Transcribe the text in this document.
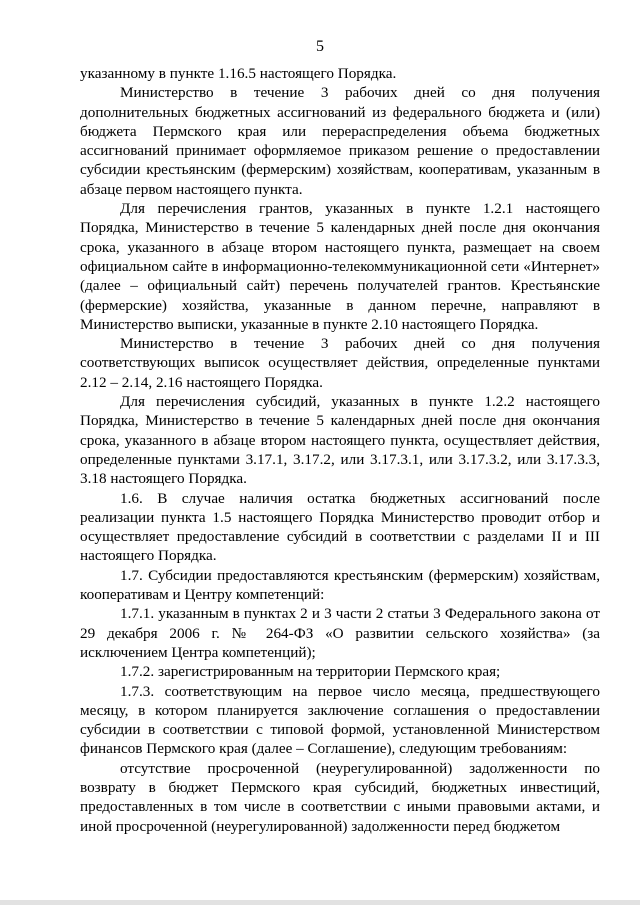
5

указанному в пункте 1.16.5 настоящего Порядка.

Министерство в течение 3 рабочих дней со дня получения дополнительных бюджетных ассигнований из федерального бюджета и (или) бюджета Пермского края или перераспределения объема бюджетных ассигнований принимает оформляемое приказом решение о предоставлении субсидии крестьянским (фермерским) хозяйствам, кооперативам, указанным в абзаце первом настоящего пункта.

Для перечисления грантов, указанных в пункте 1.2.1 настоящего Порядка, Министерство в течение 5 календарных дней после дня окончания срока, указанного в абзаце втором настоящего пункта, размещает на своем официальном сайте в информационно-телекоммуникационной сети «Интернет» (далее – официальный сайт) перечень получателей грантов. Крестьянские (фермерские) хозяйства, указанные в данном перечне, направляют в Министерство выписки, указанные в пункте 2.10 настоящего Порядка.

Министерство в течение 3 рабочих дней со дня получения соответствующих выписок осуществляет действия, определенные пунктами 2.12 – 2.14, 2.16 настоящего Порядка.

Для перечисления субсидий, указанных в пункте 1.2.2 настоящего Порядка, Министерство в течение 5 календарных дней после дня окончания срока, указанного в абзаце втором настоящего пункта, осуществляет действия, определенные пунктами 3.17.1, 3.17.2, или 3.17.3.1, или 3.17.3.2, или 3.17.3.3, 3.18 настоящего Порядка.

1.6. В случае наличия остатка бюджетных ассигнований после реализации пункта 1.5 настоящего Порядка Министерство проводит отбор и осуществляет предоставление субсидий в соответствии с разделами II и III настоящего Порядка.

1.7. Субсидии предоставляются крестьянским (фермерским) хозяйствам, кооперативам и Центру компетенций:

1.7.1. указанным в пунктах 2 и 3 части 2 статьи 3 Федерального закона от 29 декабря 2006 г. № 264-ФЗ «О развитии сельского хозяйства» (за исключением Центра компетенций);

1.7.2. зарегистрированным на территории Пермского края;

1.7.3. соответствующим на первое число месяца, предшествующего месяцу, в котором планируется заключение соглашения о предоставлении субсидии в соответствии с типовой формой, установленной Министерством финансов Пермского края (далее – Соглашение), следующим требованиям:

отсутствие просроченной (неурегулированной) задолженности по возврату в бюджет Пермского края субсидий, бюджетных инвестиций, предоставленных в том числе в соответствии с иными правовыми актами, и иной просроченной (неурегулированной) задолженности перед бюджетом
